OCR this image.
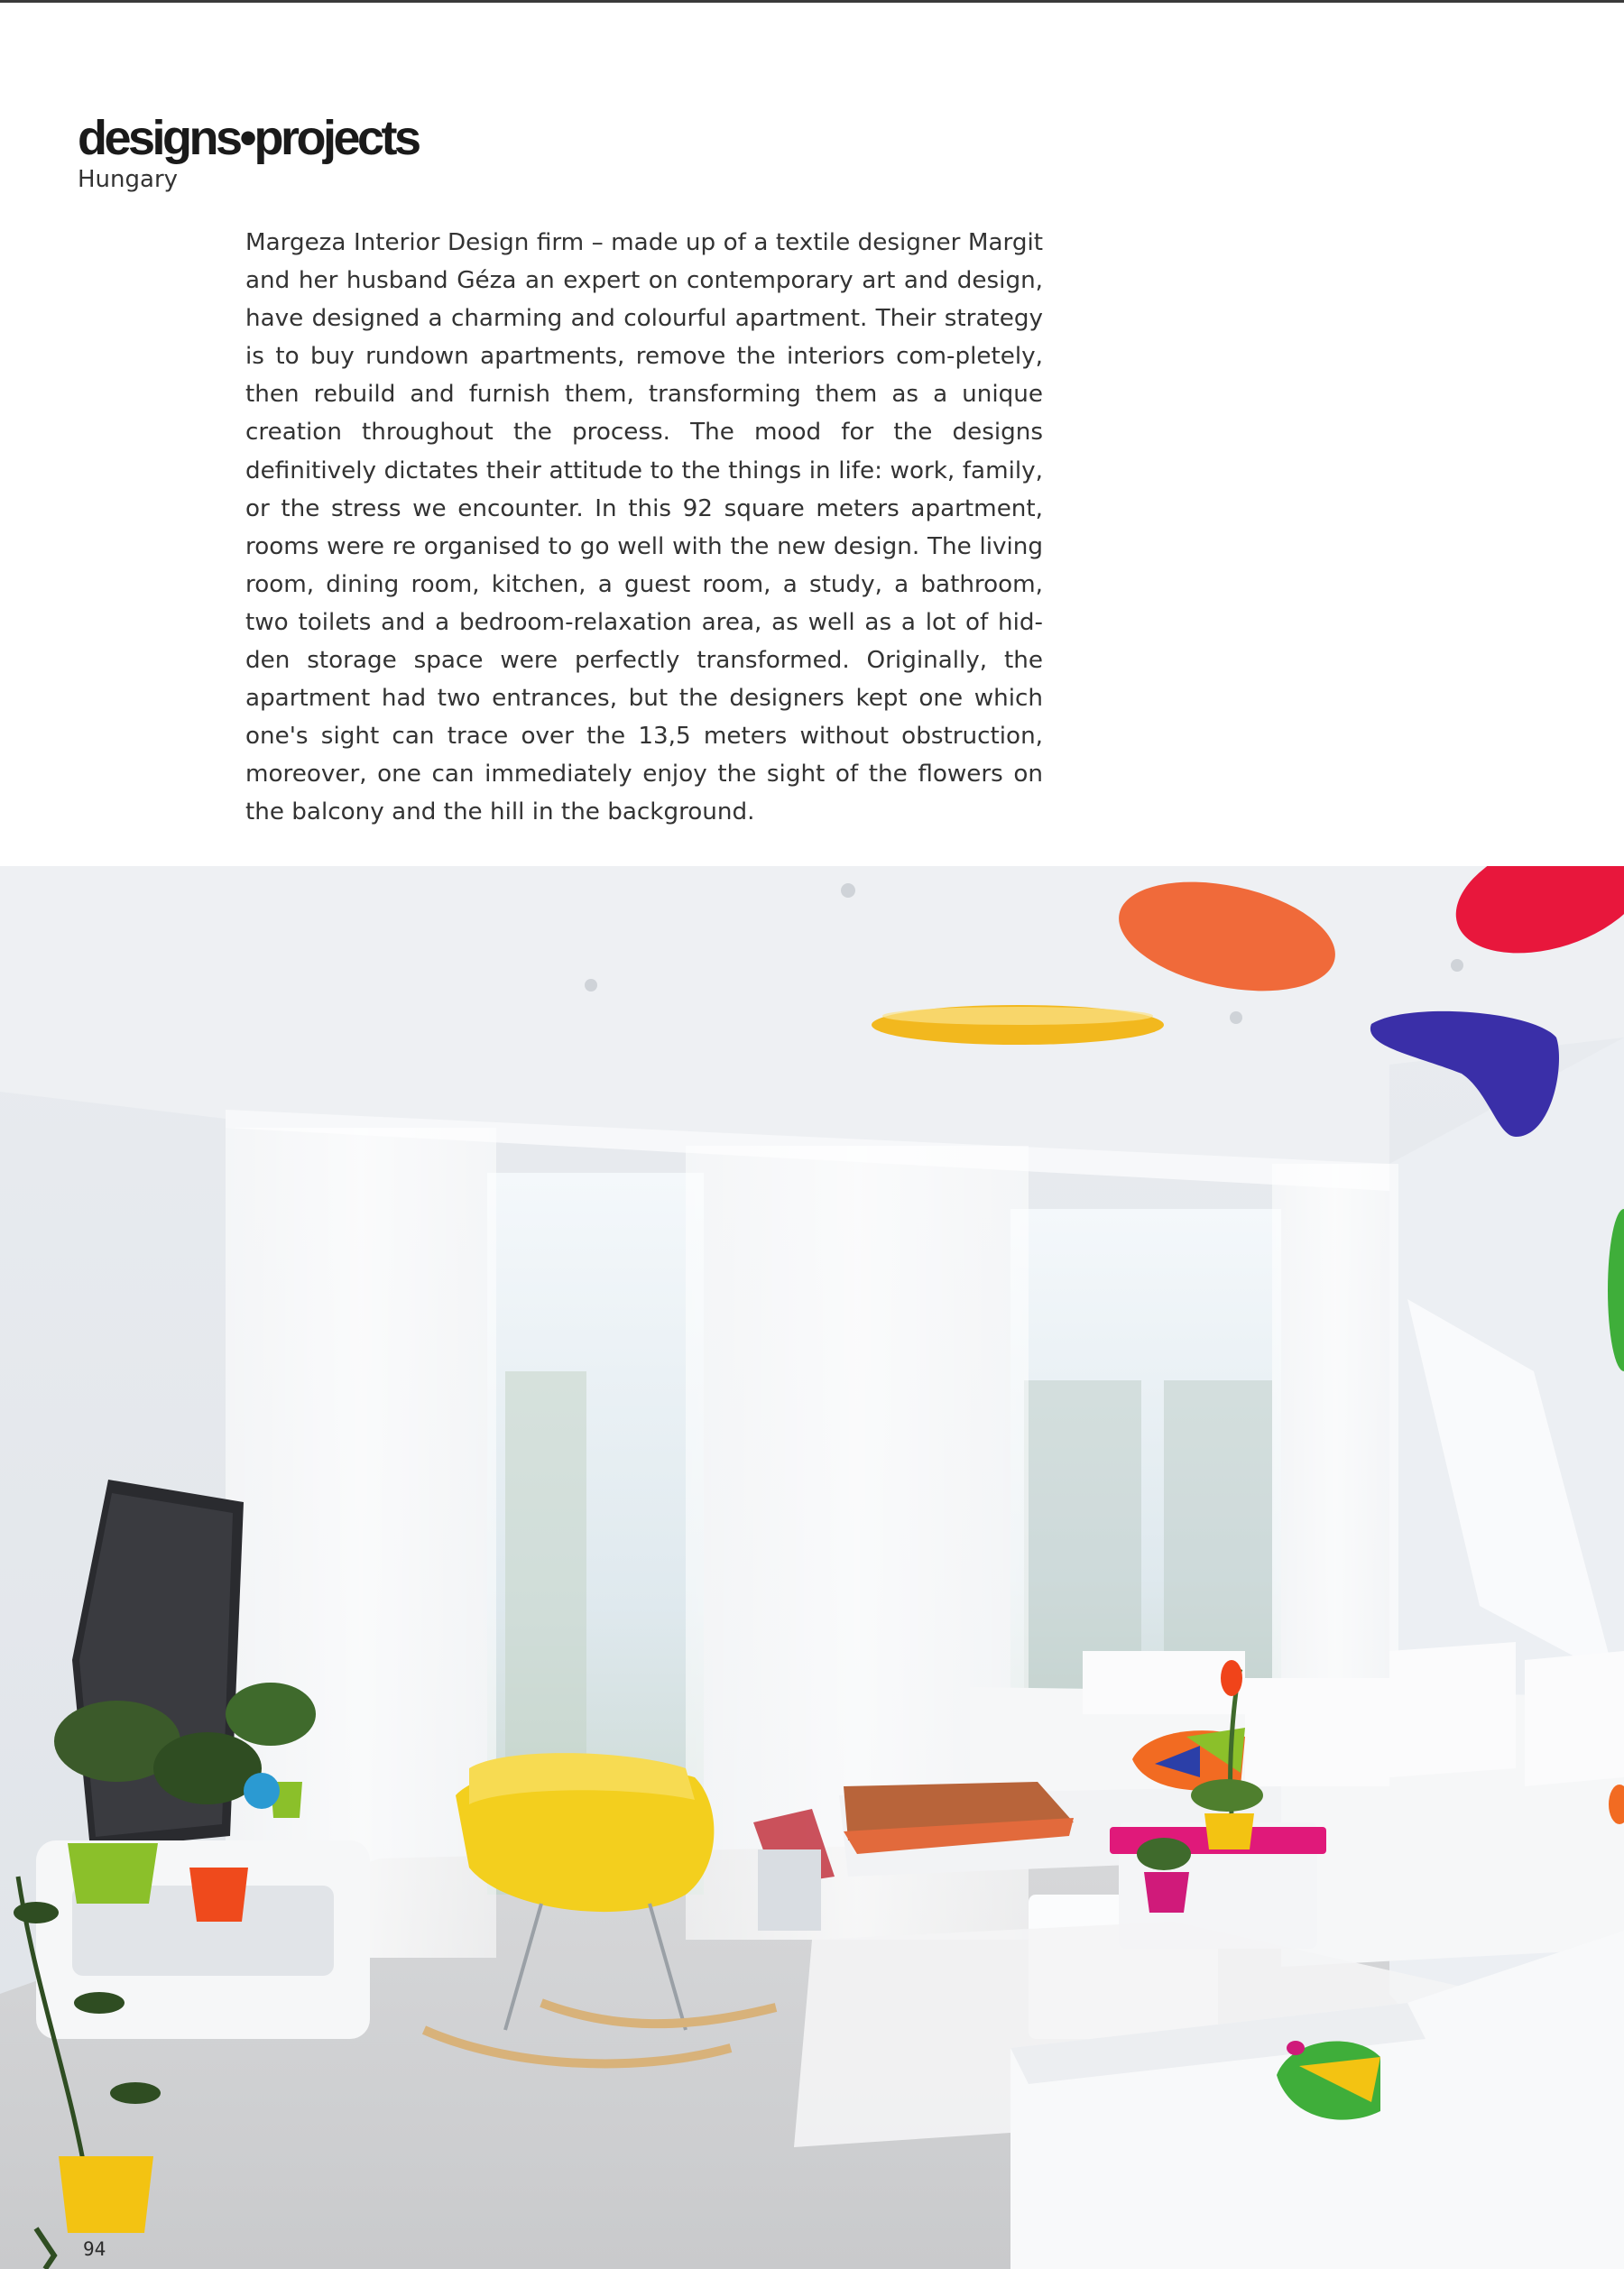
designs•projects
Hungary

Margeza Interior Design firm – made up of a textile designer Margit and her husband Géza an expert on contemporary art and design, have designed a charming and colourful apartment. Their strategy is to buy rundown apartments, remove the interiors com-pletely, then rebuild and furnish them, transforming them as a unique creation throughout the process. The mood for the designs definitively dictates their attitude to the things in life: work, family, or the stress we encounter. In this 92 square meters apartment, rooms were re organised to go well with the new design. The living room, dining room, kitchen, a guest room, a study, a bathroom, two toilets and a bedroom-relaxation area, as well as a lot of hid-den storage space were perfectly transformed. Originally, the apartment had two entrances, but the designers kept one which one's sight can trace over the 13,5 meters without obstruction, moreover, one can immediately enjoy the sight of the flowers on the balcony and the hill in the background.

94
